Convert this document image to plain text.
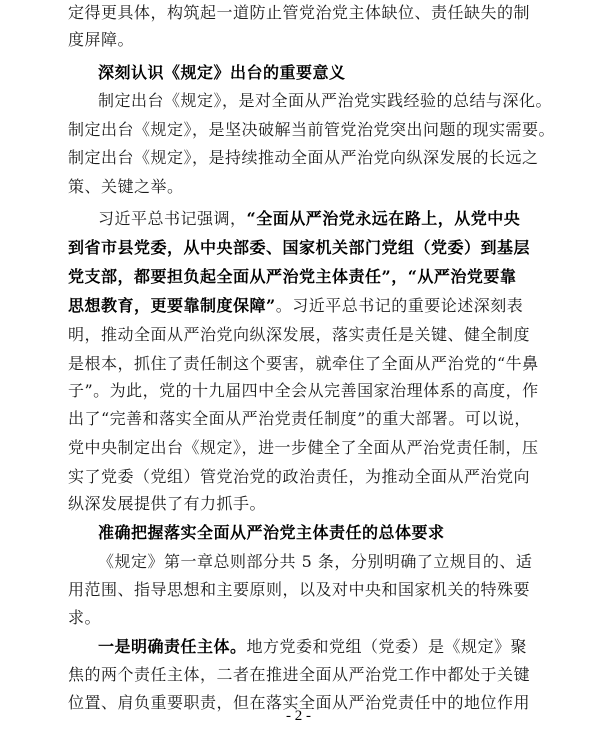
定得更具体，构筑起一道防止管党治党主体缺位、责任缺失的制
度屏障。
深刻认识《规定》出台的重要意义
制定出台《规定》，是对全面从严治党实践经验的总结与深化。
制定出台《规定》，是坚决破解当前管党治党突出问题的现实需要。
制定出台《规定》，是持续推动全面从严治党向纵深发展的长远之
策、关键之举。
习近平总书记强调，“全面从严治党永远在路上，从党中央
到省市县党委，从中央部委、国家机关部门党组（党委）到基层
党支部，都要担负起全面从严治党主体责任”，“从严治党要靠
思想教育，更要靠制度保障”。习近平总书记的重要论述深刻表
明，推动全面从严治党向纵深发展，落实责任是关键、健全制度
是根本，抓住了责任制这个要害，就牵住了全面从严治党的“牛鼻
子”。为此，党的十九届四中全会从完善国家治理体系的高度，作
出了“完善和落实全面从严治党责任制度”的重大部署。可以说，
党中央制定出台《规定》，进一步健全了全面从严治党责任制，压
实了党委（党组）管党治党的政治责任，为推动全面从严治党向
纵深发展提供了有力抓手。
准确把握落实全面从严治党主体责任的总体要求
《规定》第一章总则部分共 5 条，分别明确了立规目的、适
用范围、指导思想和主要原则，以及对中央和国家机关的特殊要
求。
一是明确责任主体。地方党委和党组（党委）是《规定》聚
焦的两个责任主体，二者在推进全面从严治党工作中都处于关键
位置、肩负重要职责，但在落实全面从严治党责任中的地位作用
- 2 -
